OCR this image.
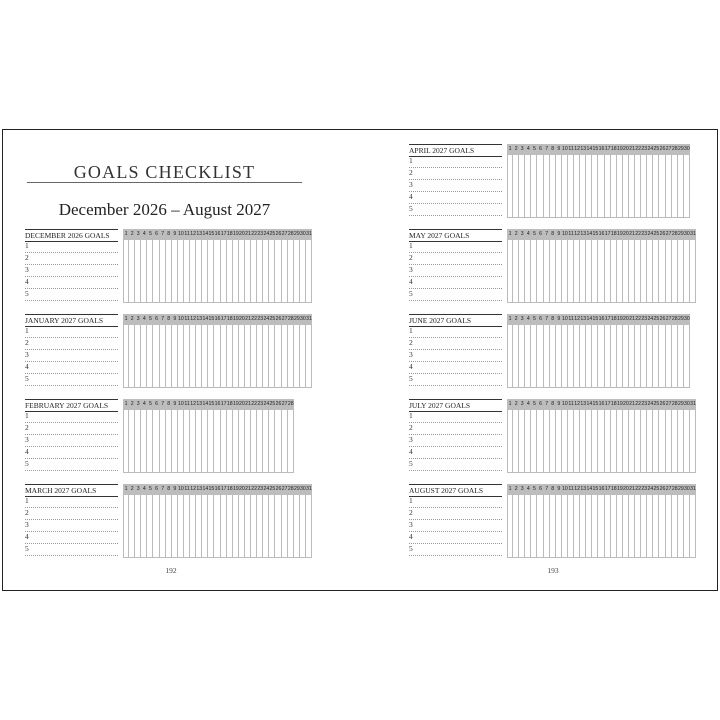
GOALS CHECKLIST
December 2026 – August 2027
DECEMBER 2026 GOALS
1
2
3
4
5
1 2 3 4 5 6 7 8 9 10 11 12 13 14 15 16 17 18 19 20 21 22 23 24 25 26 27 28 29 30 31
JANUARY 2027 GOALS
1
2
3
4
5
1 2 3 4 5 6 7 8 9 10 11 12 13 14 15 16 17 18 19 20 21 22 23 24 25 26 27 28 29 30 31
FEBRUARY 2027 GOALS
1
2
3
4
5
1 2 3 4 5 6 7 8 9 10 11 12 13 14 15 16 17 18 19 20 21 22 23 24 25 26 27 28
MARCH 2027 GOALS
1
2
3
4
5
1 2 3 4 5 6 7 8 9 10 11 12 13 14 15 16 17 18 19 20 21 22 23 24 25 26 27 28 29 30 31
192
APRIL 2027 GOALS
1
2
3
4
5
1 2 3 4 5 6 7 8 9 10 11 12 13 14 15 16 17 18 19 20 21 22 23 24 25 26 27 28 29 30
MAY 2027 GOALS
1
2
3
4
5
1 2 3 4 5 6 7 8 9 10 11 12 13 14 15 16 17 18 19 20 21 22 23 24 25 26 27 28 29 30 31
JUNE 2027 GOALS
1
2
3
4
5
1 2 3 4 5 6 7 8 9 10 11 12 13 14 15 16 17 18 19 20 21 22 23 24 25 26 27 28 29 30
JULY 2027 GOALS
1
2
3
4
5
1 2 3 4 5 6 7 8 9 10 11 12 13 14 15 16 17 18 19 20 21 22 23 24 25 26 27 28 29 30 31
AUGUST 2027 GOALS
1
2
3
4
5
1 2 3 4 5 6 7 8 9 10 11 12 13 14 15 16 17 18 19 20 21 22 23 24 25 26 27 28 29 30 31
193
